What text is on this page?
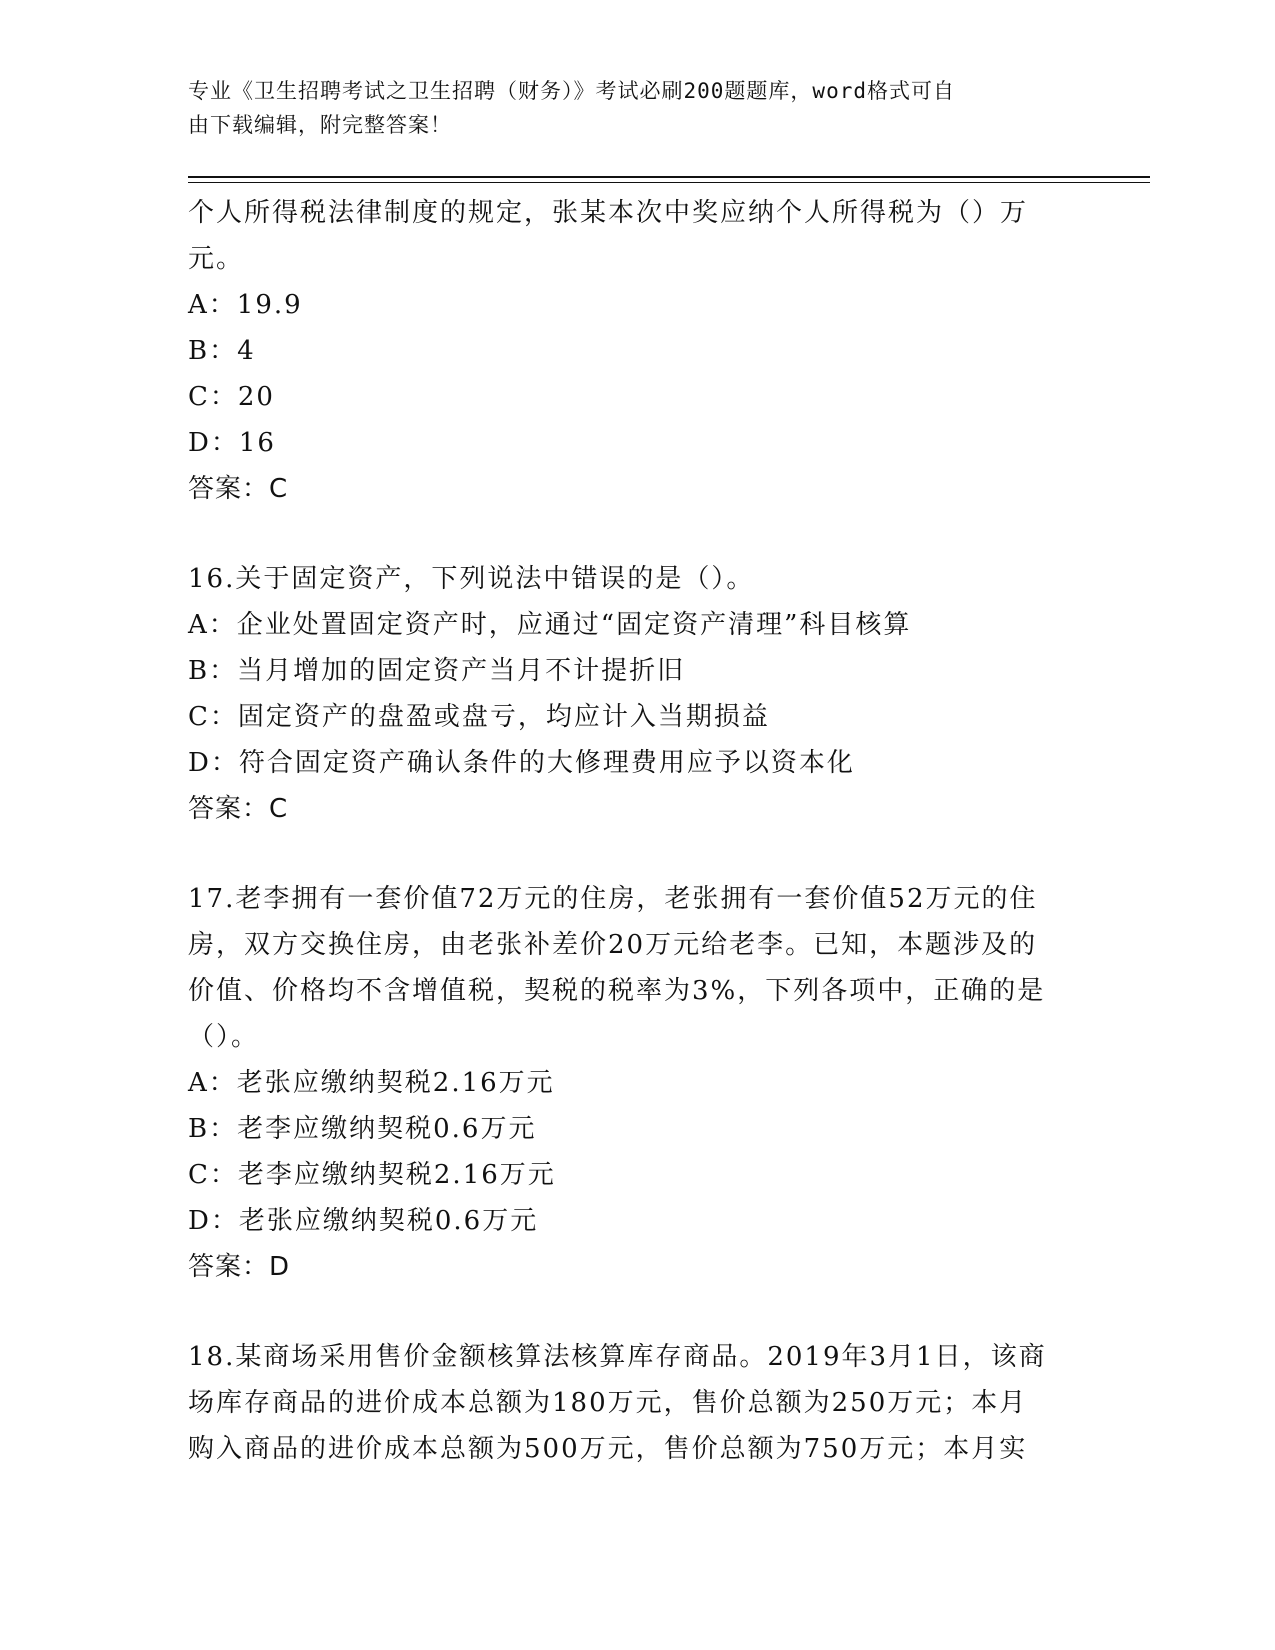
专业《卫生招聘考试之卫生招聘（财务）》考试必刷200题题库，word格式可自
由下载编辑，附完整答案！
个人所得税法律制度的规定，张某本次中奖应纳个人所得税为（）万
元。
A：19.9
B：4
C：20
D：16
答案：C
16.关于固定资产，下列说法中错误的是（）。
A：企业处置固定资产时，应通过“固定资产清理”科目核算
B：当月增加的固定资产当月不计提折旧
C：固定资产的盘盈或盘亏，均应计入当期损益
D：符合固定资产确认条件的大修理费用应予以资本化
答案：C
17.老李拥有一套价值72万元的住房，老张拥有一套价值52万元的住
房，双方交换住房，由老张补差价20万元给老李。已知，本题涉及的
价值、价格均不含增值税，契税的税率为3%，下列各项中，正确的是
（）。
A：老张应缴纳契税2.16万元
B：老李应缴纳契税0.6万元
C：老李应缴纳契税2.16万元
D：老张应缴纳契税0.6万元
答案：D
18.某商场采用售价金额核算法核算库存商品。2019年3月1日，该商
场库存商品的进价成本总额为180万元，售价总额为250万元；本月
购入商品的进价成本总额为500万元，售价总额为750万元；本月实
